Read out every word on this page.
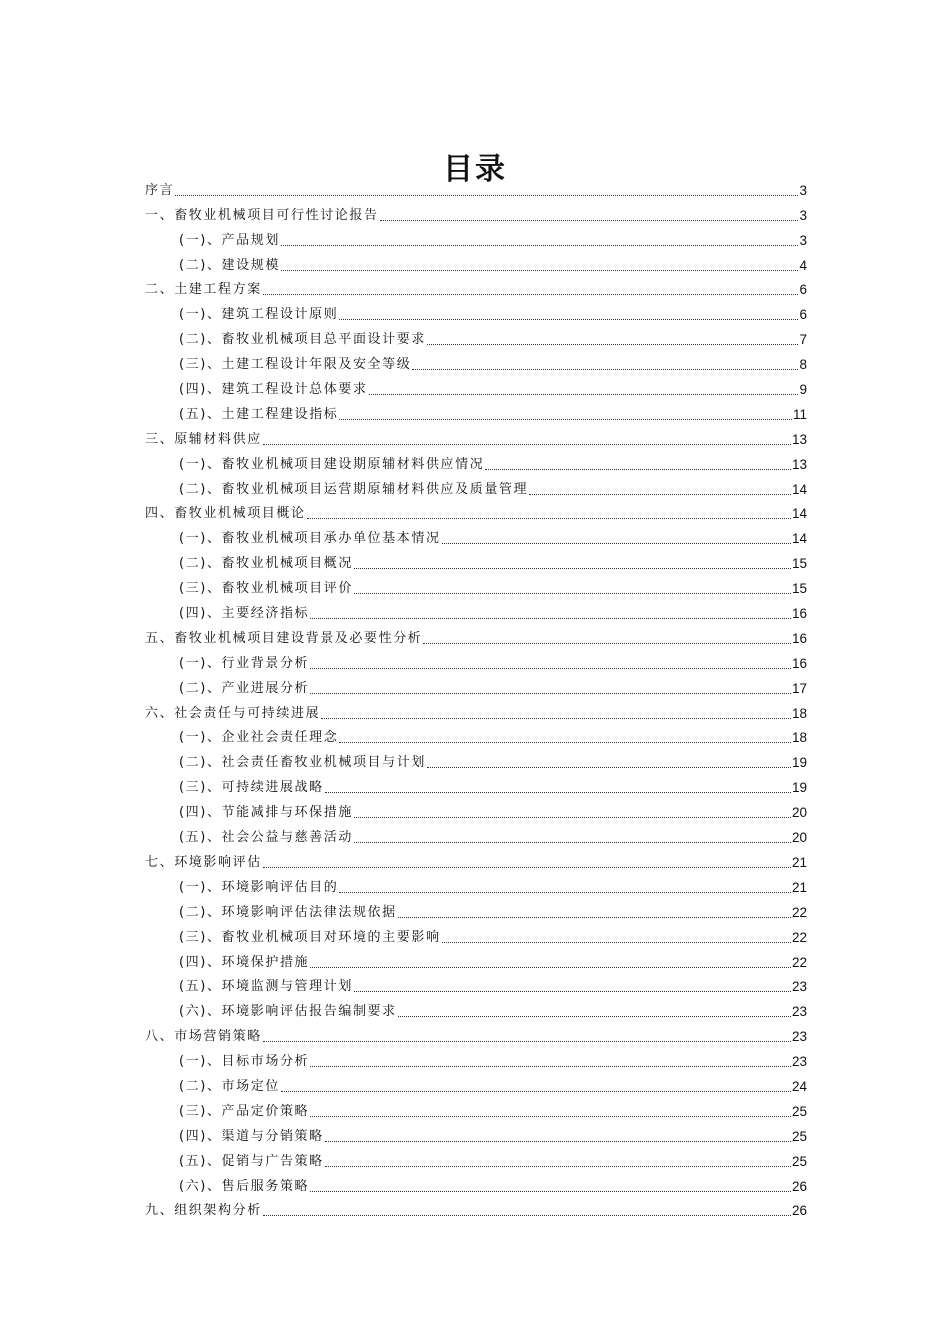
目录
序言	3
一、畜牧业机械项目可行性讨论报告	3
(一)、产品规划	3
(二)、建设规模	4
二、土建工程方案	6
(一)、建筑工程设计原则	6
(二)、畜牧业机械项目总平面设计要求	7
(三)、土建工程设计年限及安全等级	8
(四)、建筑工程设计总体要求	9
(五)、土建工程建设指标	11
三、原辅材料供应	13
(一)、畜牧业机械项目建设期原辅材料供应情况	13
(二)、畜牧业机械项目运营期原辅材料供应及质量管理	14
四、畜牧业机械项目概论	14
(一)、畜牧业机械项目承办单位基本情况	14
(二)、畜牧业机械项目概况	15
(三)、畜牧业机械项目评价	15
(四)、主要经济指标	16
五、畜牧业机械项目建设背景及必要性分析	16
(一)、行业背景分析	16
(二)、产业进展分析	17
六、社会责任与可持续进展	18
(一)、企业社会责任理念	18
(二)、社会责任畜牧业机械项目与计划	19
(三)、可持续进展战略	19
(四)、节能减排与环保措施	20
(五)、社会公益与慈善活动	20
七、环境影响评估	21
(一)、环境影响评估目的	21
(二)、环境影响评估法律法规依据	22
(三)、畜牧业机械项目对环境的主要影响	22
(四)、环境保护措施	22
(五)、环境监测与管理计划	23
(六)、环境影响评估报告编制要求	23
八、市场营销策略	23
(一)、目标市场分析	23
(二)、市场定位	24
(三)、产品定价策略	25
(四)、渠道与分销策略	25
(五)、促销与广告策略	25
(六)、售后服务策略	26
九、组织架构分析	26
